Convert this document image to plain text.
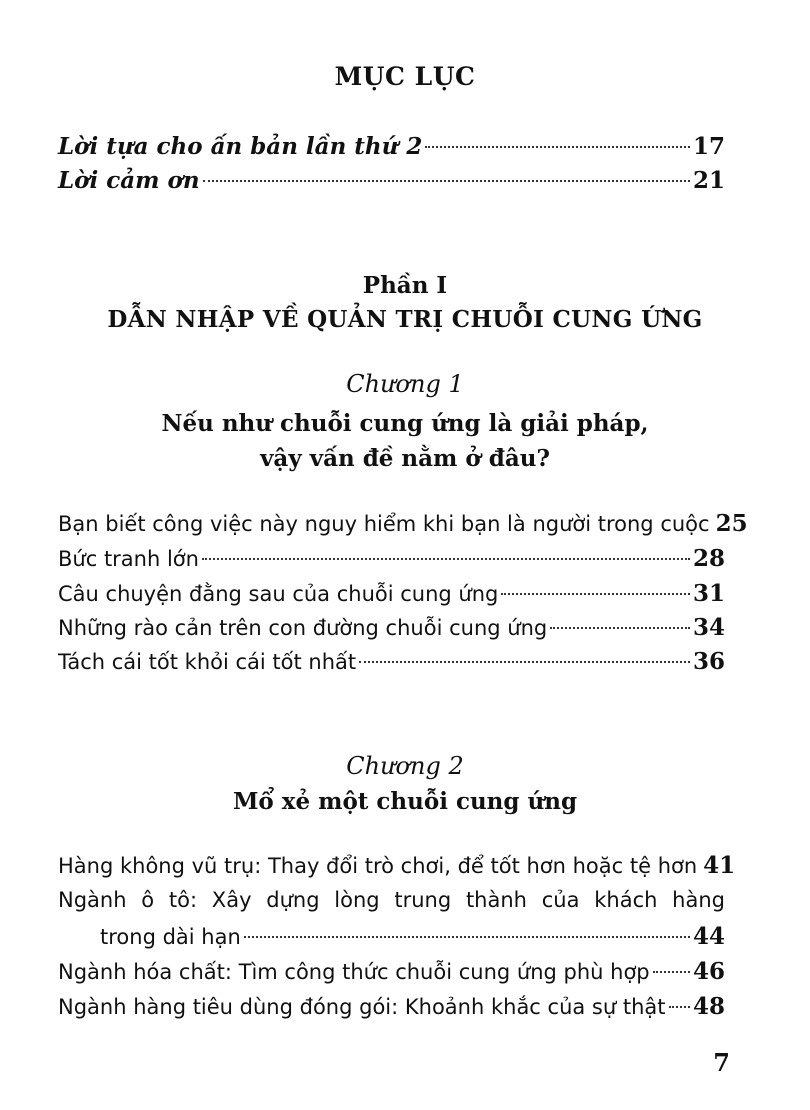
MỤC LỤC
Lời tựa cho ấn bản lần thứ 2	17
Lời cảm ơn	21
Phần I
DẪN NHẬP VỀ QUẢN TRỊ CHUỖI CUNG ỨNG
Chương 1
Nếu như chuỗi cung ứng là giải pháp,
vậy vấn đề nằm ở đâu?
Bạn biết công việc này nguy hiểm khi bạn là người trong cuộc 25
Bức tranh lớn	28
Câu chuyện đằng sau của chuỗi cung ứng	31
Những rào cản trên con đường chuỗi cung ứng	34
Tách cái tốt khỏi cái tốt nhất	36
Chương 2
Mổ xẻ một chuỗi cung ứng
Hàng không vũ trụ: Thay đổi trò chơi, để tốt hơn hoặc tệ hơn 41
Ngành ô tô: Xây dựng lòng trung thành của khách hàng
trong dài hạn	44
Ngành hóa chất: Tìm công thức chuỗi cung ứng phù hợp 46
Ngành hàng tiêu dùng đóng gói: Khoảnh khắc của sự thật 48
7
